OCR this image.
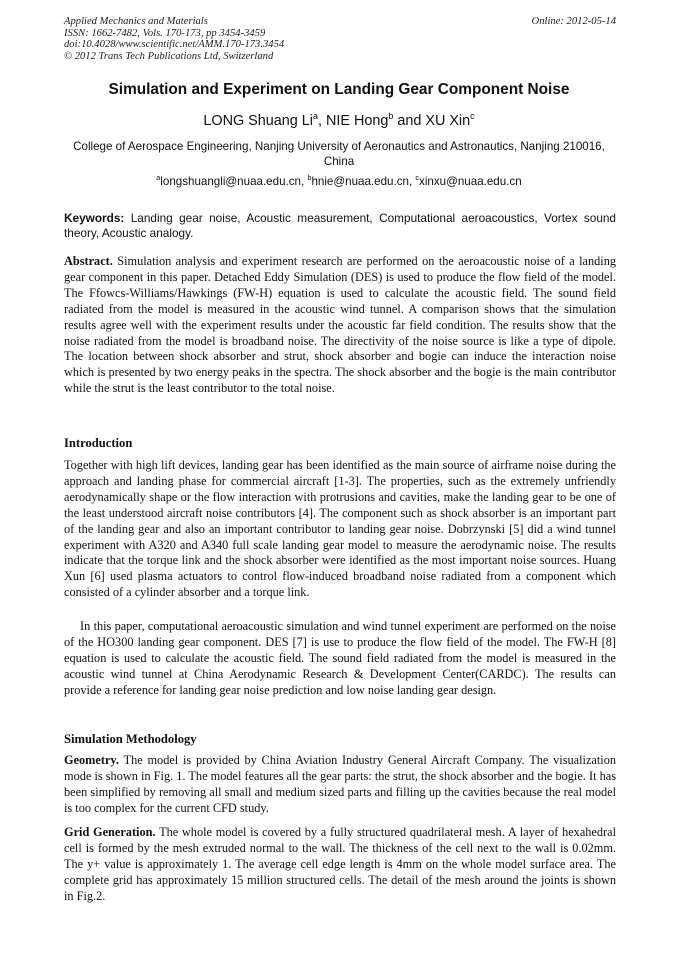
Applied Mechanics and Materials
ISSN: 1662-7482, Vols. 170-173, pp 3454-3459
doi:10.4028/www.scientific.net/AMM.170-173.3454
© 2012 Trans Tech Publications Ltd, Switzerland
Online: 2012-05-14
Simulation and Experiment on Landing Gear Component Noise
LONG Shuang Li$^a$, NIE Hong$^b$ and XU Xin$^c$
College of Aerospace Engineering, Nanjing University of Aeronautics and Astronautics, Nanjing 210016, China
$^a$longshuangli@nuaa.edu.cn, $^b$hnie@nuaa.edu.cn, $^c$xinxu@nuaa.edu.cn
Keywords: Landing gear noise, Acoustic measurement, Computational aeroacoustics, Vortex sound theory, Acoustic analogy.

Abstract. Simulation analysis and experiment research are performed on the aeroacoustic noise of a landing gear component in this paper. Detached Eddy Simulation (DES) is used to produce the flow field of the model. The Ffowcs-Williams/Hawkings (FW-H) equation is used to calculate the acoustic field. The sound field radiated from the model is measured in the acoustic wind tunnel. A comparison shows that the simulation results agree well with the experiment results under the acoustic far field condition. The results show that the noise radiated from the model is broadband noise. The directivity of the noise source is like a type of dipole. The location between shock absorber and strut, shock absorber and bogie can induce the interaction noise which is presented by two energy peaks in the spectra. The shock absorber and the bogie is the main contributor while the strut is the least contributor to the total noise.

Introduction

Together with high lift devices, landing gear has been identified as the main source of airframe noise during the approach and landing phase for commercial aircraft [1-3]. The properties, such as the extremely unfriendly aerodynamically shape or the flow interaction with protrusions and cavities, make the landing gear to be one of the least understood aircraft noise contributors [4]. The component such as shock absorber is an important part of the landing gear and also an important contributor to landing gear noise. Dobrzynski [5] did a wind tunnel experiment with A320 and A340 full scale landing gear model to measure the aerodynamic noise. The results indicate that the torque link and the shock absorber were identified as the most important noise sources. Huang Xun [6] used plasma actuators to control flow-induced broadband noise radiated from a component which consisted of a cylinder absorber and a torque link.

In this paper, computational aeroacoustic simulation and wind tunnel experiment are performed on the noise of the HO300 landing gear component. DES [7] is use to produce the flow field of the model. The FW-H [8] equation is used to calculate the acoustic field. The sound field radiated from the model is measured in the acoustic wind tunnel at China Aerodynamic Research & Development Center(CARDC). The results can provide a reference for landing gear noise prediction and low noise landing gear design.

Simulation Methodology

Geometry. The model is provided by China Aviation Industry General Aircraft Company. The visualization mode is shown in Fig. 1. The model features all the gear parts: the strut, the shock absorber and the bogie. It has been simplified by removing all small and medium sized parts and filling up the cavities because the real model is too complex for the current CFD study.

Grid Generation. The whole model is covered by a fully structured quadrilateral mesh. A layer of hexahedral cell is formed by the mesh extruded normal to the wall. The thickness of the cell next to the wall is 0.02mm. The y+ value is approximately 1. The average cell edge length is 4mm on the whole model surface area. The complete grid has approximately 15 million structured cells. The detail of the mesh around the joints is shown in Fig.2.
